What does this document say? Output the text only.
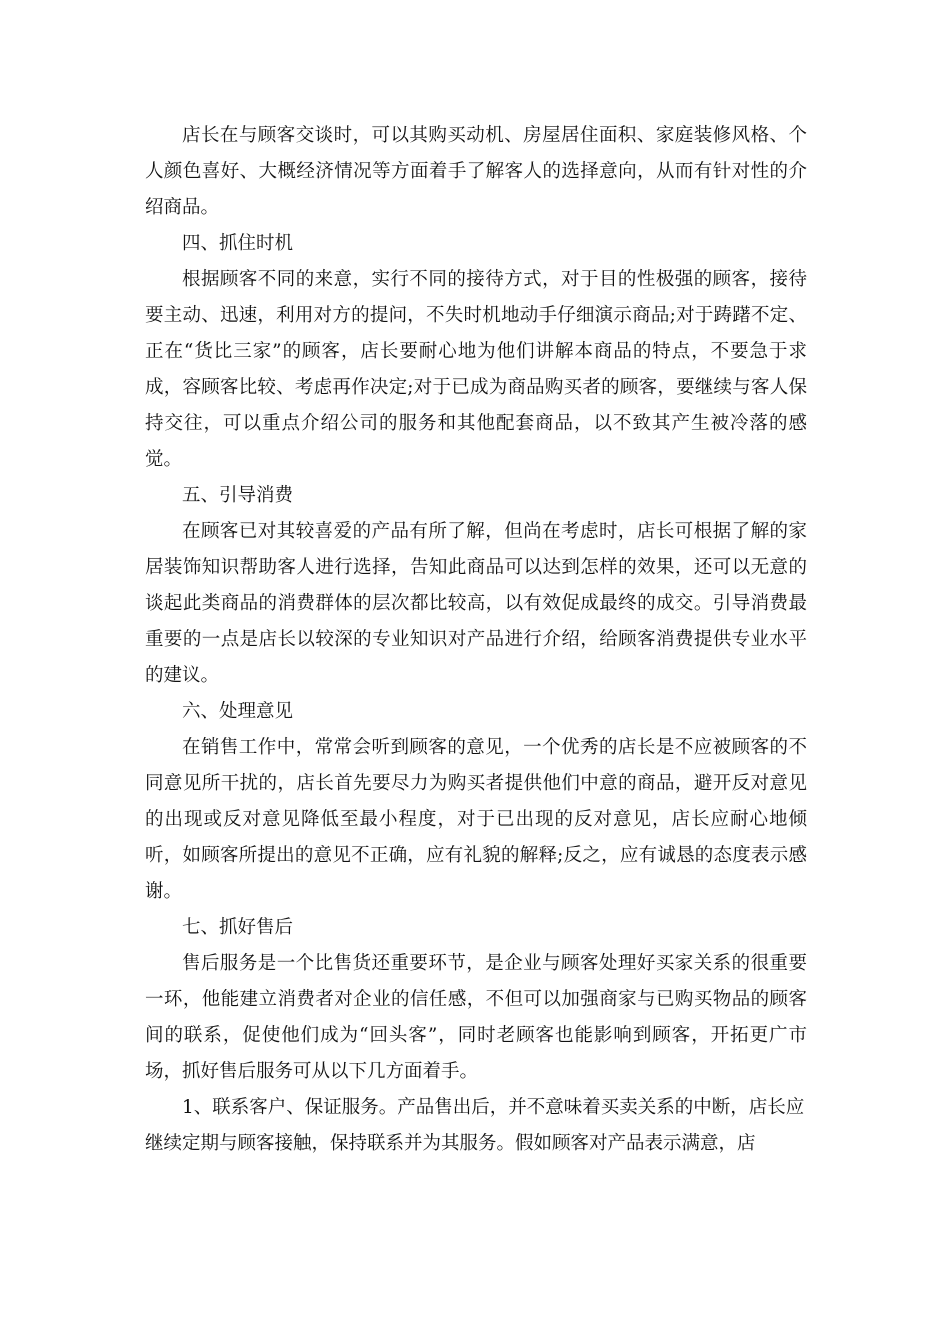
店长在与顾客交谈时，可以其购买动机、房屋居住面积、家庭装修风格、个人颜色喜好、大概经济情况等方面着手了解客人的选择意向，从而有针对性的介绍商品。

四、抓住时机

根据顾客不同的来意，实行不同的接待方式，对于目的性极强的顾客，接待要主动、迅速，利用对方的提问，不失时机地动手仔细演示商品;对于踌躇不定、正在“货比三家”的顾客，店长要耐心地为他们讲解本商品的特点，不要急于求成，容顾客比较、考虑再作决定;对于已成为商品购买者的顾客，要继续与客人保持交往，可以重点介绍公司的服务和其他配套商品，以不致其产生被冷落的感觉。

五、引导消费

在顾客已对其较喜爱的产品有所了解，但尚在考虑时，店长可根据了解的家居装饰知识帮助客人进行选择，告知此商品可以达到怎样的效果，还可以无意的谈起此类商品的消费群体的层次都比较高，以有效促成最终的成交。引导消费最重要的一点是店长以较深的专业知识对产品进行介绍，给顾客消费提供专业水平的建议。

六、处理意见

在销售工作中，常常会听到顾客的意见，一个优秀的店长是不应被顾客的不同意见所干扰的，店长首先要尽力为购买者提供他们中意的商品，避开反对意见的出现或反对意见降低至最小程度，对于已出现的反对意见，店长应耐心地倾听，如顾客所提出的意见不正确，应有礼貌的解释;反之，应有诚恳的态度表示感谢。

七、抓好售后

售后服务是一个比售货还重要环节，是企业与顾客处理好买家关系的很重要一环，他能建立消费者对企业的信任感，不但可以加强商家与已购买物品的顾客间的联系，促使他们成为“回头客”，同时老顾客也能影响到顾客，开拓更广市场，抓好售后服务可从以下几方面着手。

1、联系客户、保证服务。产品售出后，并不意味着买卖关系的中断，店长应继续定期与顾客接触，保持联系并为其服务。假如顾客对产品表示满意，店
